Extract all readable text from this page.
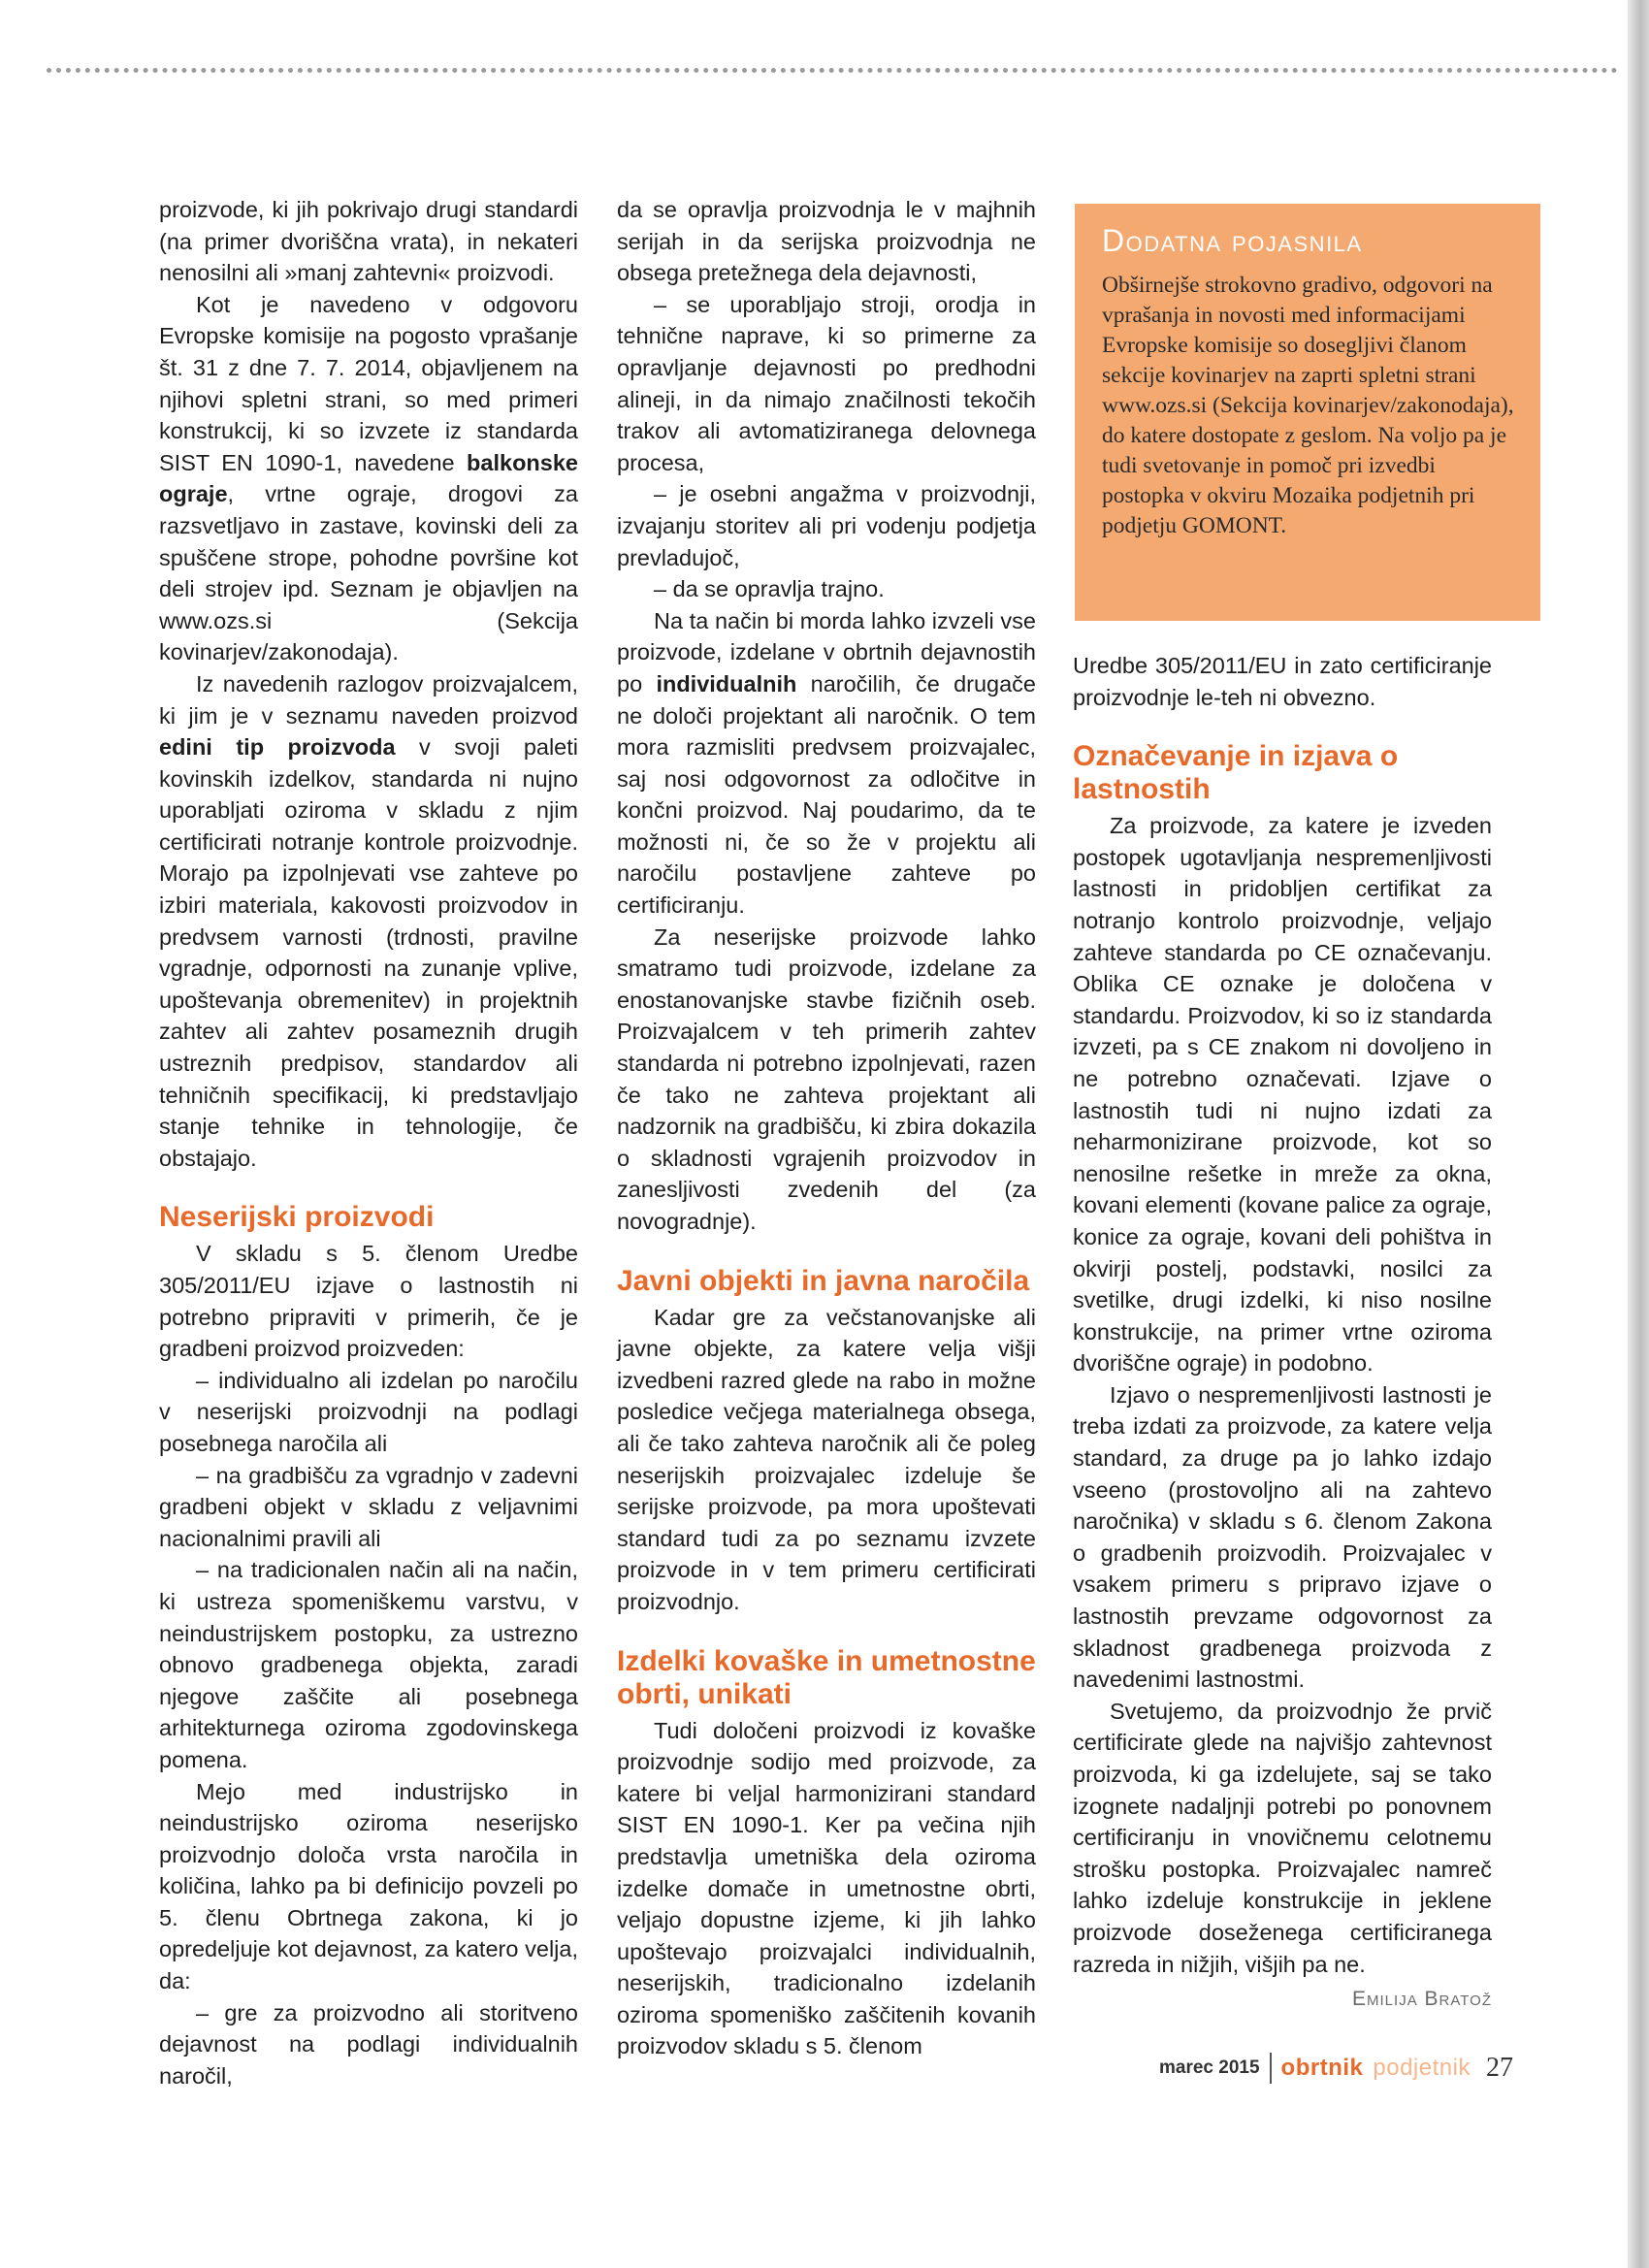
proizvode, ki jih pokrivajo drugi standardi (na primer dvoriščna vrata), in nekateri nenosilni ali »manj zahtevni« proizvodi.

Kot je navedeno v odgovoru Evropske komisije na pogosto vprašanje št. 31 z dne 7. 7. 2014, objavljenem na njihovi spletni strani, so med primeri konstrukcij, ki so izvzete iz standarda SIST EN 1090-1, navedene balkonske ograje, vrtne ograje, drogovi za razsvetljavo in zastave, kovinski deli za spuščene strope, pohodne površine kot deli strojev ipd. Seznam je objavljen na www.ozs.si (Sekcija kovinarjev/zakonodaja).

Iz navedenih razlogov proizvajalcem, ki jim je v seznamu naveden proizvod edini tip proizvoda v svoji paleti kovinskih izdelkov, standarda ni nujno uporabljati oziroma v skladu z njim certificirati notranje kontrole proizvodnje. Morajo pa izpolnjevati vse zahteve po izbiri materiala, kakovosti proizvodov in predvsem varnosti (trdnosti, pravilne vgradnje, odpornosti na zunanje vplive, upoštevanja obremenitev) in projektnih zahtev ali zahtev posameznih drugih ustreznih predpisov, standardov ali tehničnih specifikacij, ki predstavljajo stanje tehnike in tehnologije, če obstajajo.

Neserijski proizvodi

V skladu s 5. členom Uredbe 305/2011/EU izjave o lastnostih ni potrebno pripraviti v primerih, če je gradbeni proizvod proizveden:

– individualno ali izdelan po naročilu v neserijski proizvodnji na podlagi posebnega naročila ali

– na gradbišču za vgradnjo v zadevni gradbeni objekt v skladu z veljavnimi nacionalnimi pravili ali

– na tradicionalen način ali na način, ki ustreza spomeniškemu varstvu, v neindustrijskem postopku, za ustrezno obnovo gradbenega objekta, zaradi njegove zaščite ali posebnega arhitekturnega oziroma zgodovinskega pomena.

Mejo med industrijsko in neindustrijsko oziroma neserijsko proizvodnjo določa vrsta naročila in količina, lahko pa bi definicijo povzeli po 5. členu Obrtnega zakona, ki jo opredeljuje kot dejavnost, za katero velja, da:

– gre za proizvodno ali storitveno dejavnost na podlagi individualnih naročil,

da se opravlja proizvodnja le v majhnih serijah in da serijska proizvodnja ne obsega pretežnega dela dejavnosti,

– se uporabljajo stroji, orodja in tehnične naprave, ki so primerne za opravljanje dejavnosti po predhodni alineji, in da nimajo značilnosti tekočih trakov ali avtomatiziranega delovnega procesa,

– je osebni angažma v proizvodnji, izvajanju storitev ali pri vodenju podjetja prevladujoč,

– da se opravlja trajno.

Na ta način bi morda lahko izvzeli vse proizvode, izdelane v obrtnih dejavnostih po individualnih naročilih, če drugače ne določi projektant ali naročnik. O tem mora razmisliti predvsem proizvajalec, saj nosi odgovornost za odločitve in končni proizvod. Naj poudarimo, da te možnosti ni, če so že v projektu ali naročilu postavljene zahteve po certificiranju.

Za neserijske proizvode lahko smatramo tudi proizvode, izdelane za enostanovanjske stavbe fizičnih oseb. Proizvajalcem v teh primerih zahtev standarda ni potrebno izpolnjevati, razen če tako ne zahteva projektant ali nadzornik na gradbišču, ki zbira dokazila o skladnosti vgrajenih proizvodov in zanesljivosti zvedenih del (za novogradnje).

Javni objekti in javna naročila

Kadar gre za večstanovanjske ali javne objekte, za katere velja višji izvedbeni razred glede na rabo in možne posledice večjega materialnega obsega, ali če tako zahteva naročnik ali če poleg neserijskih proizvajalec izdeluje še serijske proizvode, pa mora upoštevati standard tudi za po seznamu izvzete proizvode in v tem primeru certificirati proizvodnjo.

Izdelki kovaške in umetnostne obrti, unikati

Tudi določeni proizvodi iz kovaške proizvodnje sodijo med proizvode, za katere bi veljal harmonizirani standard SIST EN 1090-1. Ker pa večina njih predstavlja umetniška dela oziroma izdelke domače in umetnostne obrti, veljajo dopustne izjeme, ki jih lahko upoštevajo proizvajalci individualnih, neserijskih, tradicionalno izdelanih oziroma spomeniško zaščitenih kovanih proizvodov skladu s 5. členom

Dodatna pojasnila

Obširnejše strokovno gradivo, odgovori na vprašanja in novosti med informacijami Evropske komisije so dosegljivi članom sekcije kovinarjev na zaprti spletni strani www.ozs.si (Sekcija kovinarjev/zakonodaja), do katere dostopate z geslom. Na voljo pa je tudi svetovanje in pomoč pri izvedbi postopka v okviru Mozaika podjetnih pri podjetju GOMONT.

Uredbe 305/2011/EU in zato certificiranje proizvodnje le-teh ni obvezno.

Označevanje in izjava o lastnostih

Za proizvode, za katere je izveden postopek ugotavljanja nespremenljivosti lastnosti in pridobljen certifikat za notranjo kontrolo proizvodnje, veljajo zahteve standarda po CE označevanju. Oblika CE oznake je določena v standardu. Proizvodov, ki so iz standarda izvzeti, pa s CE znakom ni dovoljeno in ne potrebno označevati. Izjave o lastnostih tudi ni nujno izdati za neharmonizirane proizvode, kot so nenosilne rešetke in mreže za okna, kovani elementi (kovane palice za ograje, konice za ograje, kovani deli pohištva in okvirji postelj, podstavki, nosilci za svetilke, drugi izdelki, ki niso nosilne konstrukcije, na primer vrtne oziroma dvoriščne ograje) in podobno.

Izjavo o nespremenljivosti lastnosti je treba izdati za proizvode, za katere velja standard, za druge pa jo lahko izdajo vseeno (prostovoljno ali na zahtevo naročnika) v skladu s 6. členom Zakona o gradbenih proizvodih. Proizvajalec v vsakem primeru s pripravo izjave o lastnostih prevzame odgovornost za skladnost gradbenega proizvoda z navedenimi lastnostmi.

Svetujemo, da proizvodnjo že prvič certificirate glede na najvišjo zahtevnost proizvoda, ki ga izdelujete, saj se tako izognete nadaljnji potrebi po ponovnem certificiranju in vnovičnemu celotnemu strošku postopka. Proizvajalec namreč lahko izdeluje konstrukcije in jeklene proizvode doseženega certificiranega razreda in nižjih, višjih pa ne.

Emilija Bratož
marec 2015 obrtnik podjetnik 27
